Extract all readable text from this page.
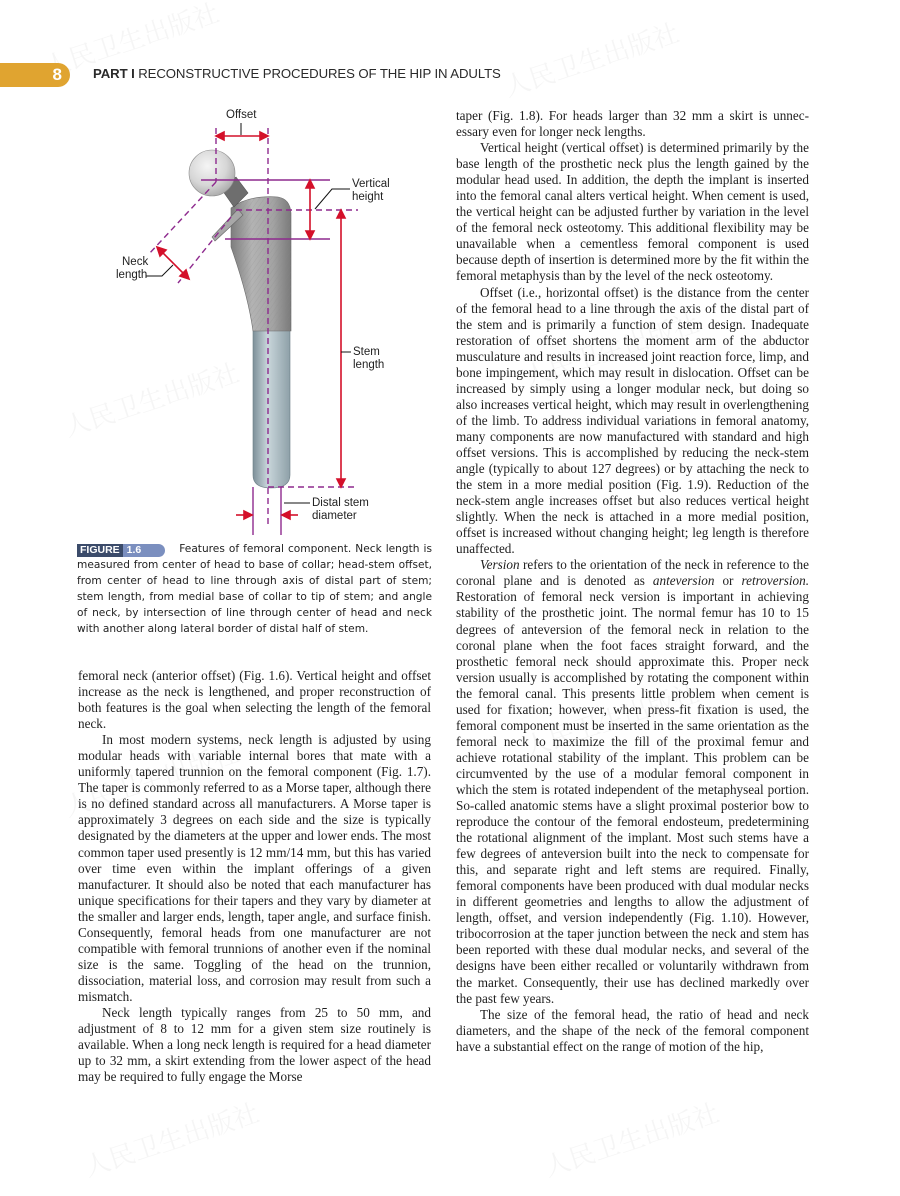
8 PART I RECONSTRUCTIVE PROCEDURES OF THE HIP IN ADULTS
Offset
Vertical
height
Neck
length
Stem
length
Distal stem
diameter
FIGURE 1.6	Features of femoral component. Neck length is measured from center of head to base of collar; head-stem offset, from center of head to line through axis of distal part of stem; stem length, from medial base of collar to tip of stem; and angle of neck, by intersection of line through center of head and neck with another along lateral border of distal half of stem.

femoral neck (anterior offset) (Fig. 1.6). Vertical height and offset increase as the neck is lengthened, and proper reconstruction of both features is the goal when selecting the length of the femoral neck.

In most modern systems, neck length is adjusted by using modular heads with variable internal bores that mate with a uniformly tapered trunnion on the femoral component (Fig. 1.7). The taper is commonly referred to as a Morse taper, although there is no defined standard across all manufacturers. A Morse taper is approximately 3 degrees on each side and the size is typically designated by the diameters at the upper and lower ends. The most common taper used presently is 12 mm/14 mm, but this has varied over time even within the implant offerings of a given manufacturer. It should also be noted that each manufacturer has unique specifications for their tapers and they vary by diameter at the smaller and larger ends, length, taper angle, and surface finish. Consequently, femoral heads from one manufacturer are not compatible with femoral trunnions of another even if the nominal size is the same. Toggling of the head on the trunnion, dissociation, material loss, and corrosion may result from such a mismatch.

Neck length typically ranges from 25 to 50 mm, and adjustment of 8 to 12 mm for a given stem size routinely is available. When a long neck length is required for a head diameter up to 32 mm, a skirt extending from the lower aspect of the head may be required to fully engage the Morse

taper (Fig. 1.8). For heads larger than 32 mm a skirt is unnecessary even for longer neck lengths.

Vertical height (vertical offset) is determined primarily by the base length of the prosthetic neck plus the length gained by the modular head used. In addition, the depth the implant is inserted into the femoral canal alters vertical height. When cement is used, the vertical height can be adjusted further by variation in the level of the femoral neck osteotomy. This additional flexibility may be unavailable when a cementless femoral component is used because depth of insertion is determined more by the fit within the femoral metaphysis than by the level of the neck osteotomy.

Offset (i.e., horizontal offset) is the distance from the center of the femoral head to a line through the axis of the distal part of the stem and is primarily a function of stem design. Inadequate restoration of offset shortens the moment arm of the abductor musculature and results in increased joint reaction force, limp, and bone impingement, which may result in dislocation. Offset can be increased by simply using a longer modular neck, but doing so also increases vertical height, which may result in overlengthening of the limb. To address individual variations in femoral anatomy, many components are now manufactured with standard and high offset versions. This is accomplished by reducing the neck-stem angle (typically to about 127 degrees) or by attaching the neck to the stem in a more medial position (Fig. 1.9). Reduction of the neck-stem angle increases offset but also reduces vertical height slightly. When the neck is attached in a more medial position, offset is increased without changing height; leg length is therefore unaffected.

Version refers to the orientation of the neck in reference to the coronal plane and is denoted as anteversion or retroversion. Restoration of femoral neck version is important in achieving stability of the prosthetic joint. The normal femur has 10 to 15 degrees of anteversion of the femoral neck in relation to the coronal plane when the foot faces straight forward, and the prosthetic femoral neck should approximate this. Proper neck version usually is accomplished by rotating the component within the femoral canal. This presents little problem when cement is used for fixation; however, when press-fit fixation is used, the femoral component must be inserted in the same orientation as the femoral neck to maximize the fill of the proximal femur and achieve rotational stability of the implant. This problem can be circumvented by the use of a modular femoral component in which the stem is rotated independent of the metaphyseal portion. So-called anatomic stems have a slight proximal posterior bow to reproduce the contour of the femoral endosteum, predetermining the rotational alignment of the implant. Most such stems have a few degrees of anteversion built into the neck to compensate for this, and separate right and left stems are required. Finally, femoral components have been produced with dual modular necks in different geometries and lengths to allow the adjustment of length, offset, and version independently (Fig. 1.10). However, tribocorrosion at the taper junction between the neck and stem has been reported with these dual modular necks, and several of the designs have been either recalled or voluntarily withdrawn from the market. Consequently, their use has declined markedly over the past few years.

The size of the femoral head, the ratio of head and neck diameters, and the shape of the neck of the femoral component have a substantial effect on the range of motion of the hip,
